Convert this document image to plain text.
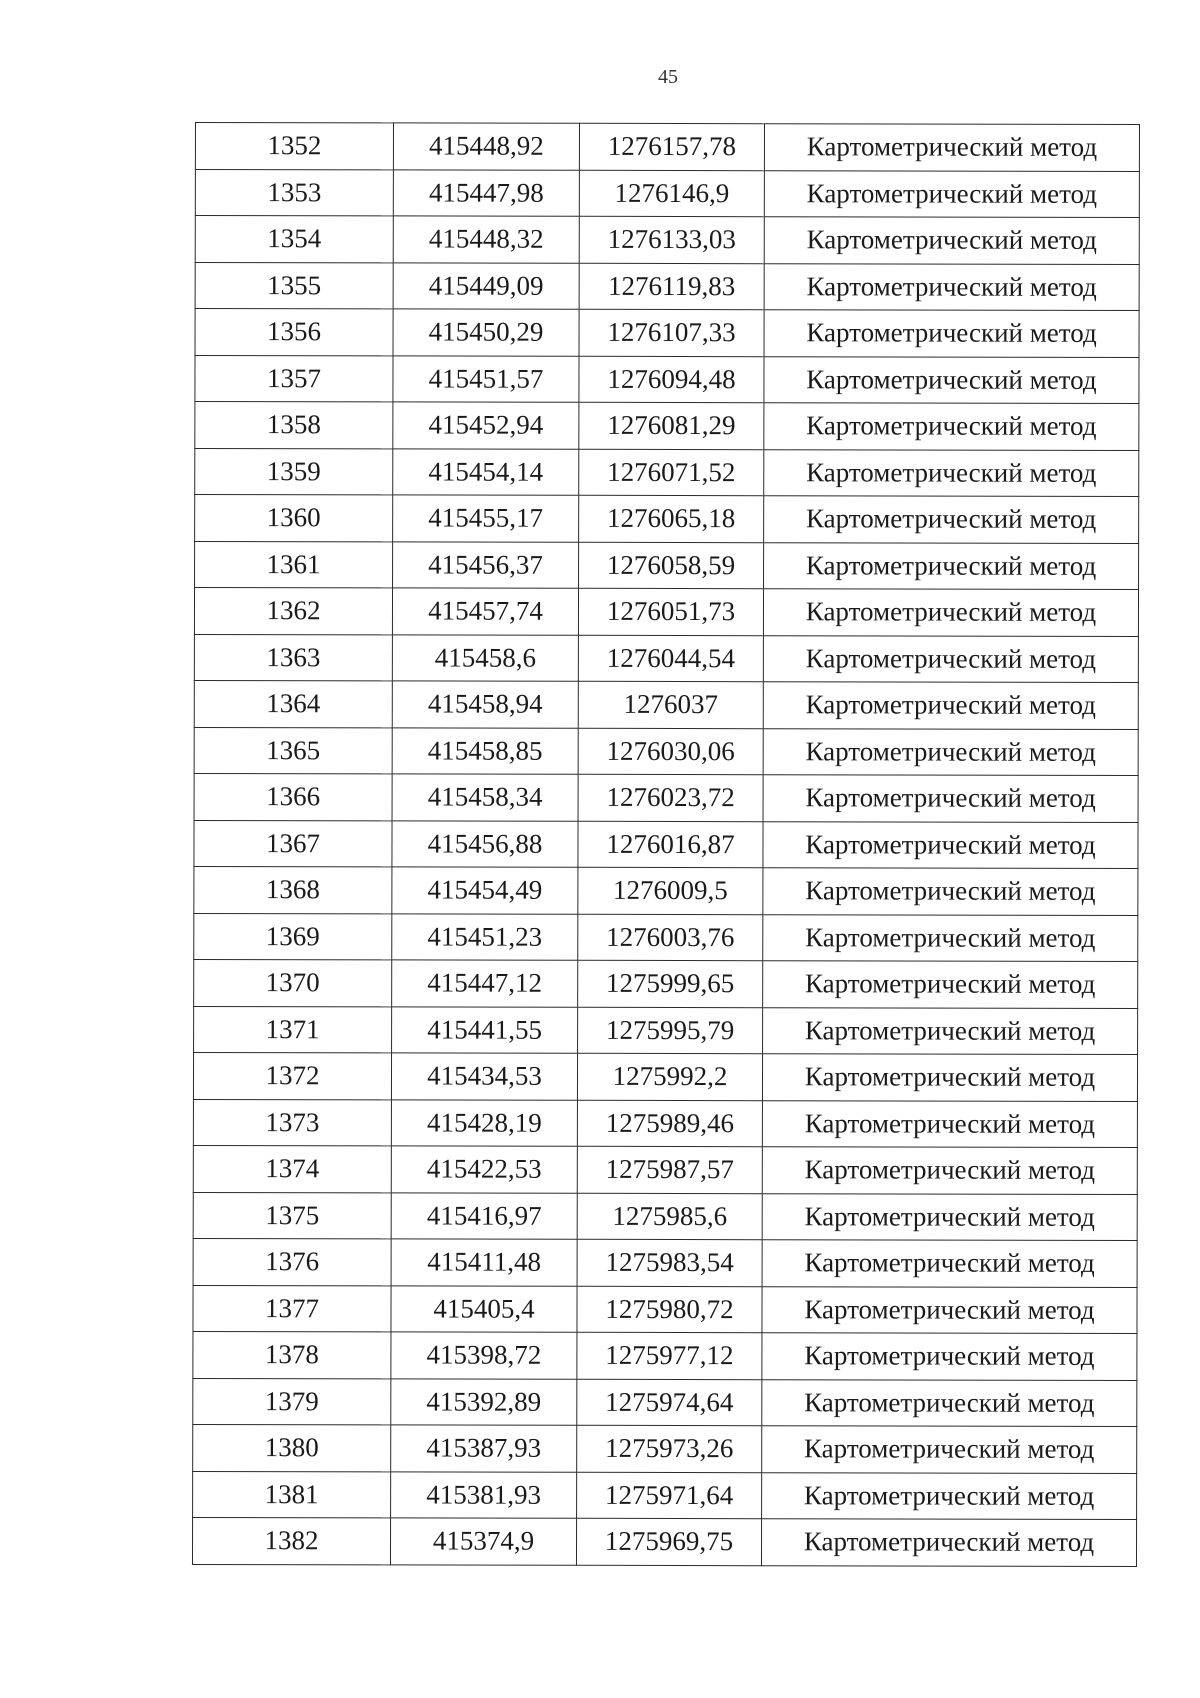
45
1352	415448,92	1276157,78	Картометрический метод
1353	415447,98	1276146,9	Картометрический метод
1354	415448,32	1276133,03	Картометрический метод
1355	415449,09	1276119,83	Картометрический метод
1356	415450,29	1276107,33	Картометрический метод
1357	415451,57	1276094,48	Картометрический метод
1358	415452,94	1276081,29	Картометрический метод
1359	415454,14	1276071,52	Картометрический метод
1360	415455,17	1276065,18	Картометрический метод
1361	415456,37	1276058,59	Картометрический метод
1362	415457,74	1276051,73	Картометрический метод
1363	415458,6	1276044,54	Картометрический метод
1364	415458,94	1276037	Картометрический метод
1365	415458,85	1276030,06	Картометрический метод
1366	415458,34	1276023,72	Картометрический метод
1367	415456,88	1276016,87	Картометрический метод
1368	415454,49	1276009,5	Картометрический метод
1369	415451,23	1276003,76	Картометрический метод
1370	415447,12	1275999,65	Картометрический метод
1371	415441,55	1275995,79	Картометрический метод
1372	415434,53	1275992,2	Картометрический метод
1373	415428,19	1275989,46	Картометрический метод
1374	415422,53	1275987,57	Картометрический метод
1375	415416,97	1275985,6	Картометрический метод
1376	415411,48	1275983,54	Картометрический метод
1377	415405,4	1275980,72	Картометрический метод
1378	415398,72	1275977,12	Картометрический метод
1379	415392,89	1275974,64	Картометрический метод
1380	415387,93	1275973,26	Картометрический метод
1381	415381,93	1275971,64	Картометрический метод
1382	415374,9	1275969,75	Картометрический метод
